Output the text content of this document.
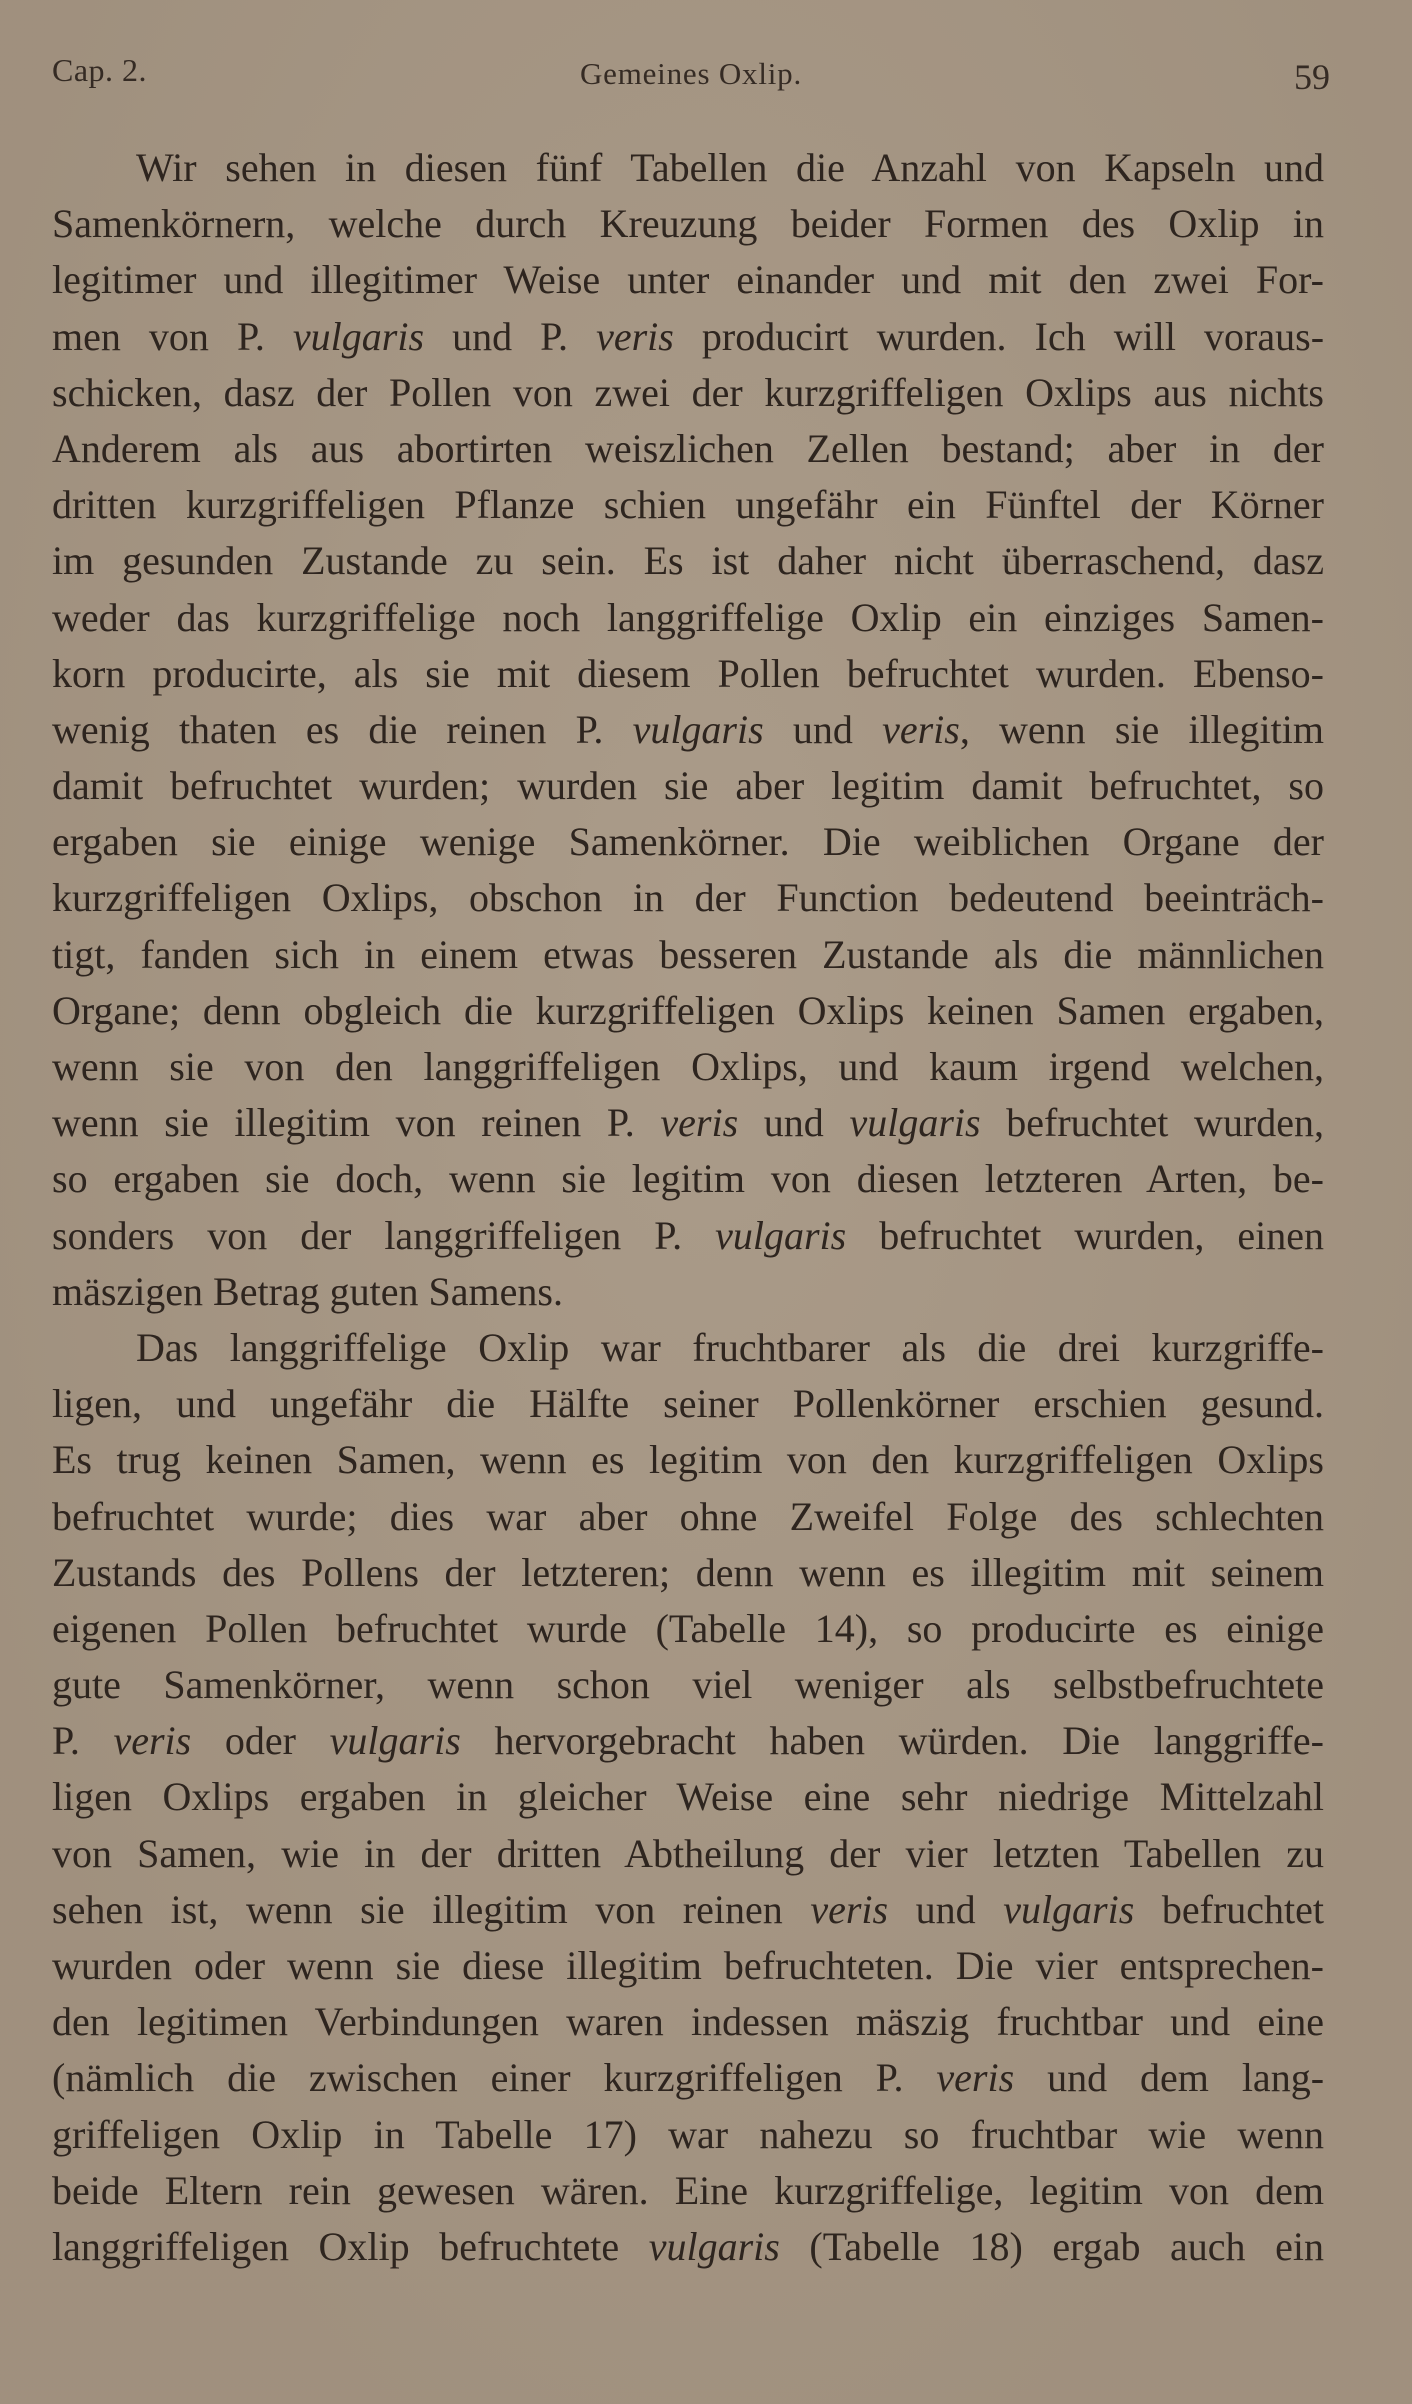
Cap. 2.	Gemeines Oxlip.	59
Wir sehen in diesen fünf Tabellen die Anzahl von Kapseln und
Samenkörnern, welche durch Kreuzung beider Formen des Oxlip in
legitimer und illegitimer Weise unter einander und mit den zwei For-
men von P. vulgaris und P. veris producirt wurden. Ich will voraus-
schicken, dasz der Pollen von zwei der kurzgriffeligen Oxlips aus nichts
Anderem als aus abortirten weiszlichen Zellen bestand; aber in der
dritten kurzgriffeligen Pflanze schien ungefähr ein Fünftel der Körner
im gesunden Zustande zu sein. Es ist daher nicht überraschend, dasz
weder das kurzgriffelige noch langgriffelige Oxlip ein einziges Samen-
korn producirte, als sie mit diesem Pollen befruchtet wurden. Ebenso-
wenig thaten es die reinen P. vulgaris und veris, wenn sie illegitim
damit befruchtet wurden; wurden sie aber legitim damit befruchtet, so
ergaben sie einige wenige Samenkörner. Die weiblichen Organe der
kurzgriffeligen Oxlips, obschon in der Function bedeutend beeinträch-
tigt, fanden sich in einem etwas besseren Zustande als die männlichen
Organe; denn obgleich die kurzgriffeligen Oxlips keinen Samen ergaben,
wenn sie von den langgriffeligen Oxlips, und kaum irgend welchen,
wenn sie illegitim von reinen P. veris und vulgaris befruchtet wurden,
so ergaben sie doch, wenn sie legitim von diesen letzteren Arten, be-
sonders von der langgriffeligen P. vulgaris befruchtet wurden, einen
mäszigen Betrag guten Samens.
Das langgriffelige Oxlip war fruchtbarer als die drei kurzgriffe-
ligen, und ungefähr die Hälfte seiner Pollenkörner erschien gesund.
Es trug keinen Samen, wenn es legitim von den kurzgriffeligen Oxlips
befruchtet wurde; dies war aber ohne Zweifel Folge des schlechten
Zustands des Pollens der letzteren; denn wenn es illegitim mit seinem
eigenen Pollen befruchtet wurde (Tabelle 14), so producirte es einige
gute Samenkörner, wenn schon viel weniger als selbstbefruchtete
P. veris oder vulgaris hervorgebracht haben würden. Die langgriffe-
ligen Oxlips ergaben in gleicher Weise eine sehr niedrige Mittelzahl
von Samen, wie in der dritten Abtheilung der vier letzten Tabellen zu
sehen ist, wenn sie illegitim von reinen veris und vulgaris befruchtet
wurden oder wenn sie diese illegitim befruchteten. Die vier entsprechen-
den legitimen Verbindungen waren indessen mäszig fruchtbar und eine
(nämlich die zwischen einer kurzgriffeligen P. veris und dem lang-
griffeligen Oxlip in Tabelle 17) war nahezu so fruchtbar wie wenn
beide Eltern rein gewesen wären. Eine kurzgriffelige, legitim von dem
langgriffeligen Oxlip befruchtete vulgaris (Tabelle 18) ergab auch ein
